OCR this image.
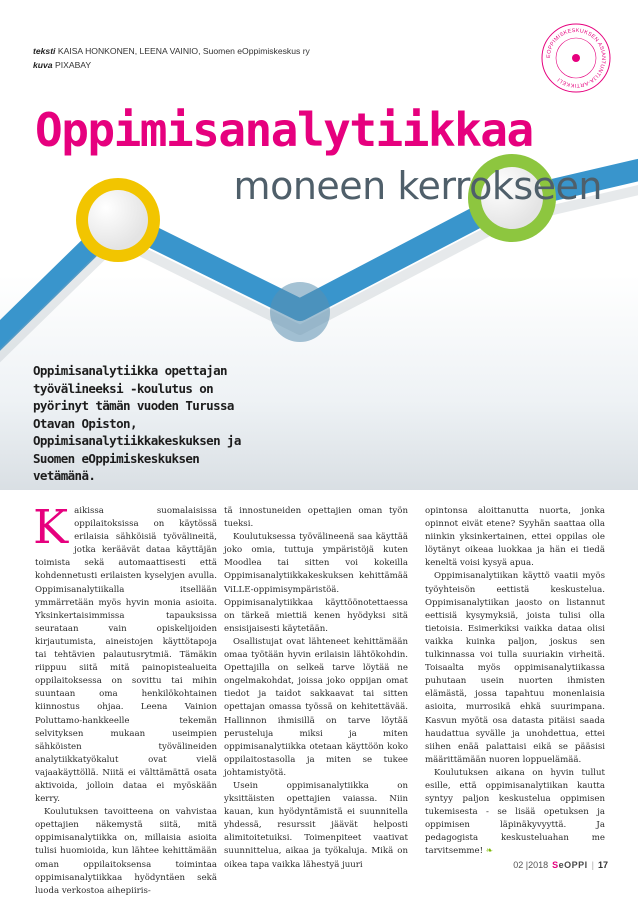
teksti KAISA HONKONEN, LEENA VAINIO, Suomen eOppimiskeskus ry
kuva PIXABAY
EOPPIMISKESKUKSEN ASIANTUNTIJA-ARTIKKELI
Oppimisanalytiikkaa
moneen kerrokseen

Oppimisanalytiikka opettajan työvälineeksi -koulutus on pyörinyt tämän vuoden Turussa Otavan Opiston, Oppimisanalytiikkakeskuksen ja Suomen eOppimiskeskuksen vetämänä.

Kaikissa suomalaisissa oppilaitoksissa on käytössä erilaisia sähköisiä työvälineitä, jotka keräävät dataa käyttäjän toimista sekä automaattisesti että kohdennetusti erilaisten kyselyjen avulla. Oppimisanalytiikalla itsellään ymmärretään myös hyvin monia asioita. Yksinkertaisimmissa tapauksissa seurataan vain opiskelijoiden kirjautumista, aineistojen käyttötapoja tai tehtävien palautusrytmiä. Tämäkin riippuu siitä mitä painopistealueita oppilaitoksessa on sovittu tai mihin suuntaan oma henkilökohtainen kiinnostus ohjaa. Leena Vainion Poluttamo-hankkeelle tekemän selvityksen mukaan useimpien sähköisten työvälineiden analytiikkatyökalut ovat vielä vajaakäyttöllä. Niitä ei välttämättä osata aktivoida, jolloin dataa ei myöskään kerry.

Koulutuksen tavoitteena on vahvistaa opettajien näkemystä siitä, mitä oppimisanalytiikka on, millaisia asioita tulisi huomioida, kun lähtee kehittämään oman oppilaitoksensa toimintaa oppimisanalytiikkaa hyödyntäen sekä luoda verkostoa aihepiiris-

tä innostuneiden opettajien oman työn tueksi.

Koulutuksessa työvälineenä saa käyttää joko omia, tuttuja ympäristöjä kuten Moodlea tai sitten voi kokeilla Oppimisanalytiikkakeskuksen kehittämää ViLLE-oppimisympäristöä. Oppimisanalytiikkaa käyttöönotettaessa on tärkeä miettiä kenen hyödyksi sitä ensisijaisesti käytetään.

Osallistujat ovat lähteneet kehittämään omaa työtään hyvin erilaisin lähtökohdin. Opettajilla on selkeä tarve löytää ne ongelmakohdat, joissa joko oppijan omat tiedot ja taidot sakkaavat tai sitten opettajan omassa työssä on kehitettävää. Hallinnon ihmisillä on tarve löytää perusteluja miksi ja miten oppimisanalytiikka otetaan käyttöön koko oppilaitostasolla ja miten se tukee johtamistyötä.

Usein oppimisanalytiikka on yksittäisten opettajien vaiassa. Niin kauan, kun hyödyntämistä ei suunnitella yhdessä, resurssit jäävät helposti alimitoitetuiksi. Toimenpiteet vaativat suunnittelua, aikaa ja työkaluja. Mikä on oikea tapa vaikka lähestyä juuri

opintonsa aloittanutta nuorta, jonka opinnot eivät etene? Syyhän saattaa olla niinkin yksinkertainen, ettei oppilas ole löytänyt oikeaa luokkaa ja hän ei tiedä keneltä voisi kysyä apua.

Oppimisanalytiikan käyttö vaatii myös työyhteisön eettistä keskustelua. Oppimisanalytiikan jaosto on listannut eettisiä kysymyksiä, joista tulisi olla tietoisia. Esimerkiksi vaikka dataa olisi vaikka kuinka paljon, joskus sen tulkinnassa voi tulla suuriakin virheitä. Toisaalta myös oppimisanalytiikassa puhutaan usein nuorten ihmisten elämästä, jossa tapahtuu monenlaisia asioita, murrosikä ehkä suurimpana. Kasvun myötä osa datasta pitäisi saada haudattua syvälle ja unohdettua, ettei siihen enää palattaisi eikä se pääsisi määrittämään nuoren loppuelämää.

Koulutuksen aikana on hyvin tullut esille, että oppimisanalytiikan kautta syntyy paljon keskustelua oppimisen tukemisesta - se lisää opetuksen ja oppimisen läpinäkyvyyttä. Ja pedagogista keskusteluahan me tarvitsemme! ❧

02 |2018 SeOPPI | 17
